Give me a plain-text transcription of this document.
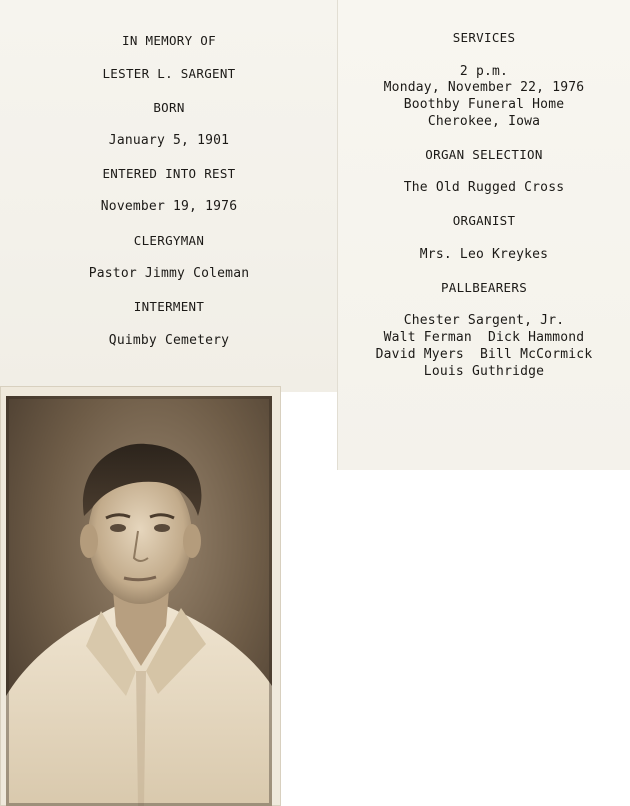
IN MEMORY OF
LESTER L. SARGENT
BORN
January 5, 1901
ENTERED INTO REST
November 19, 1976
CLERGYMAN
Pastor Jimmy Coleman
INTERMENT
Quimby Cemetery
SERVICES
2 p.m.
Monday, November 22, 1976
Boothby Funeral Home
Cherokee, Iowa
ORGAN SELECTION
The Old Rugged Cross
ORGANIST
Mrs. Leo Kreykes
PALLBEARERS
Chester Sargent, Jr.
Walt Ferman  Dick Hammond
David Myers  Bill McCormick
Louis Guthridge
